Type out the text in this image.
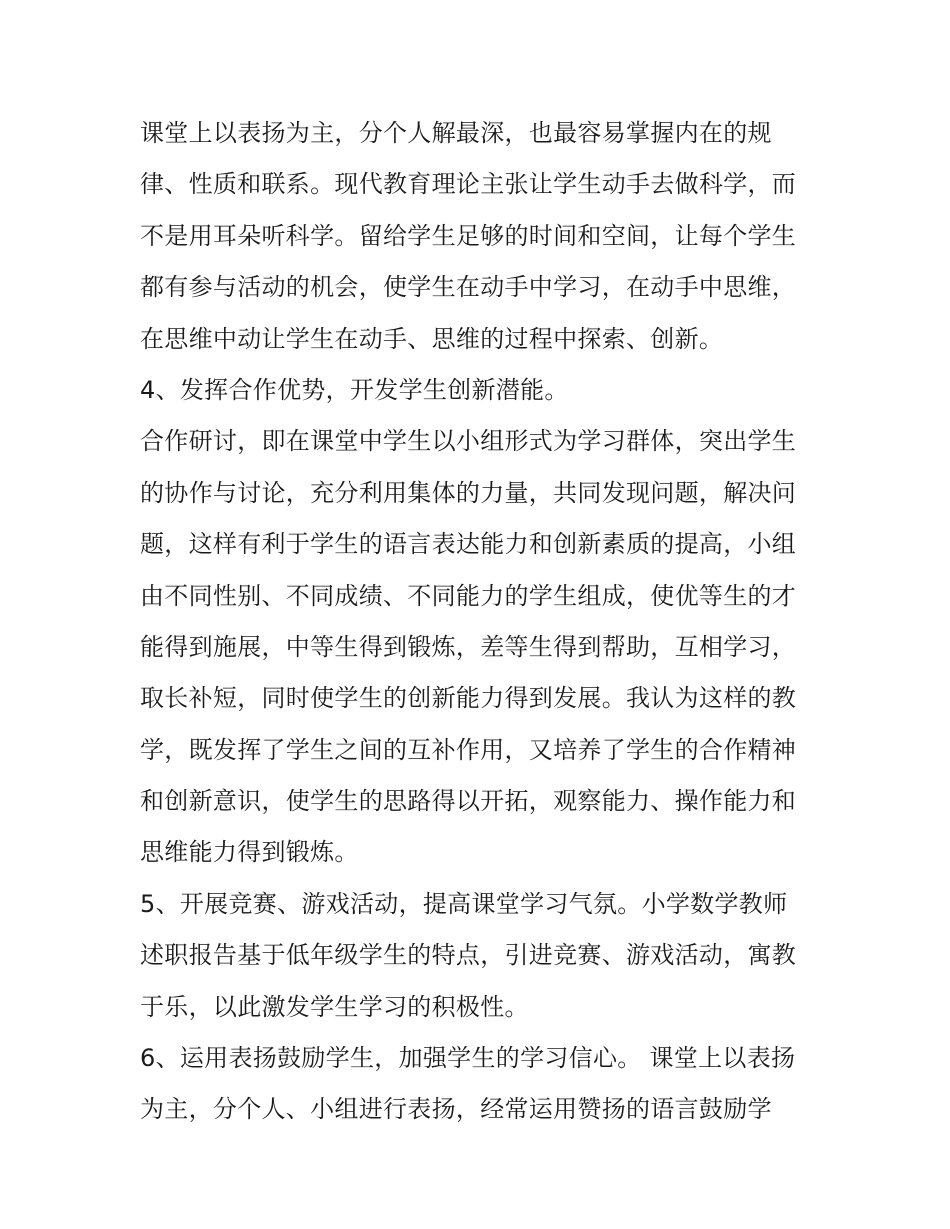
课堂上以表扬为主，分个人解最深，也最容易掌握内在的规
律、性质和联系。现代教育理论主张让学生动手去做科学，而
不是用耳朵听科学。留给学生足够的时间和空间，让每个学生
都有参与活动的机会，使学生在动手中学习，在动手中思维，
在思维中动让学生在动手、思维的过程中探索、创新。
4、发挥合作优势，开发学生创新潜能。
合作研讨，即在课堂中学生以小组形式为学习群体，突出学生
的协作与讨论，充分利用集体的力量，共同发现问题，解决问
题，这样有利于学生的语言表达能力和创新素质的提高，小组
由不同性别、不同成绩、不同能力的学生组成，使优等生的才
能得到施展，中等生得到锻炼，差等生得到帮助，互相学习，
取长补短，同时使学生的创新能力得到发展。我认为这样的教
学，既发挥了学生之间的互补作用，又培养了学生的合作精神
和创新意识，使学生的思路得以开拓，观察能力、操作能力和
思维能力得到锻炼。
5、开展竞赛、游戏活动，提高课堂学习气氛。小学数学教师
述职报告基于低年级学生的特点，引进竞赛、游戏活动，寓教
于乐，以此激发学生学习的积极性。
6、运用表扬鼓励学生，加强学生的学习信心。 课堂上以表扬
为主，分个人、小组进行表扬，经常运用赞扬的语言鼓励学
